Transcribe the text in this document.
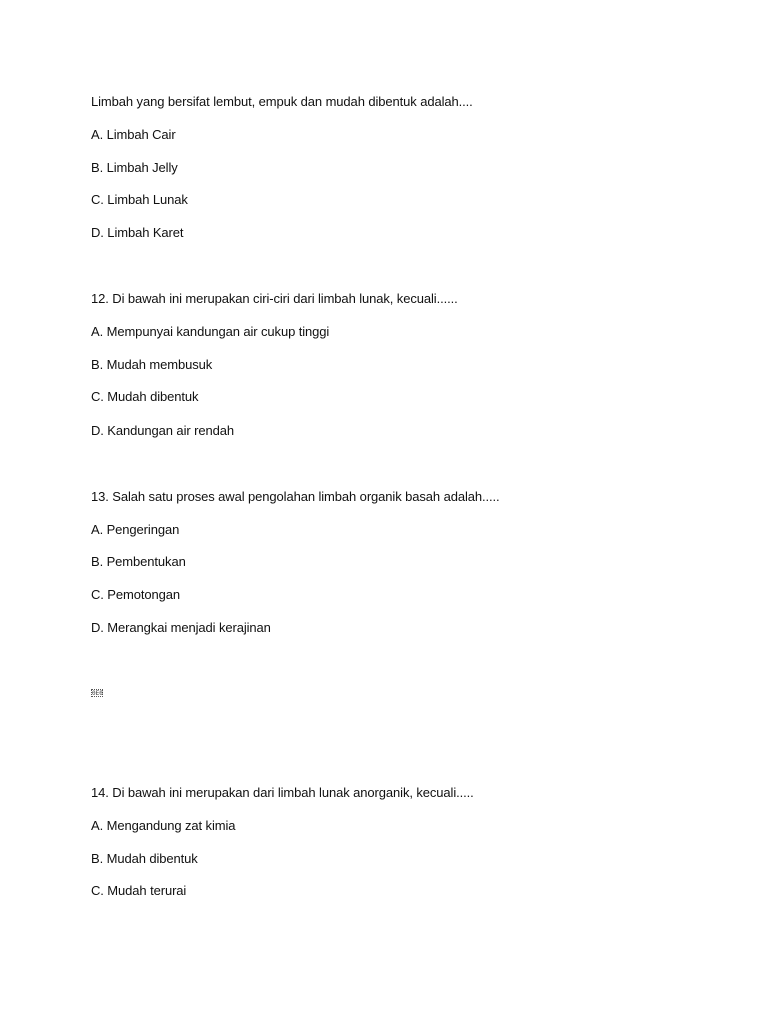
Limbah yang bersifat lembut, empuk dan mudah dibentuk adalah....
A. Limbah Cair
B. Limbah Jelly
C. Limbah Lunak
D. Limbah Karet
12. Di bawah ini merupakan ciri-ciri dari limbah lunak, kecuali......
A. Mempunyai kandungan air cukup tinggi
B. Mudah membusuk
C. Mudah dibentuk
D. Kandungan air rendah
13. Salah satu proses awal pengolahan limbah organik basah adalah.....
A. Pengeringan
B. Pembentukan
C. Pemotongan
D. Merangkai menjadi kerajinan
0E0
14. Di bawah ini merupakan dari limbah lunak anorganik, kecuali.....
A. Mengandung zat kimia
B. Mudah dibentuk
C. Mudah terurai
